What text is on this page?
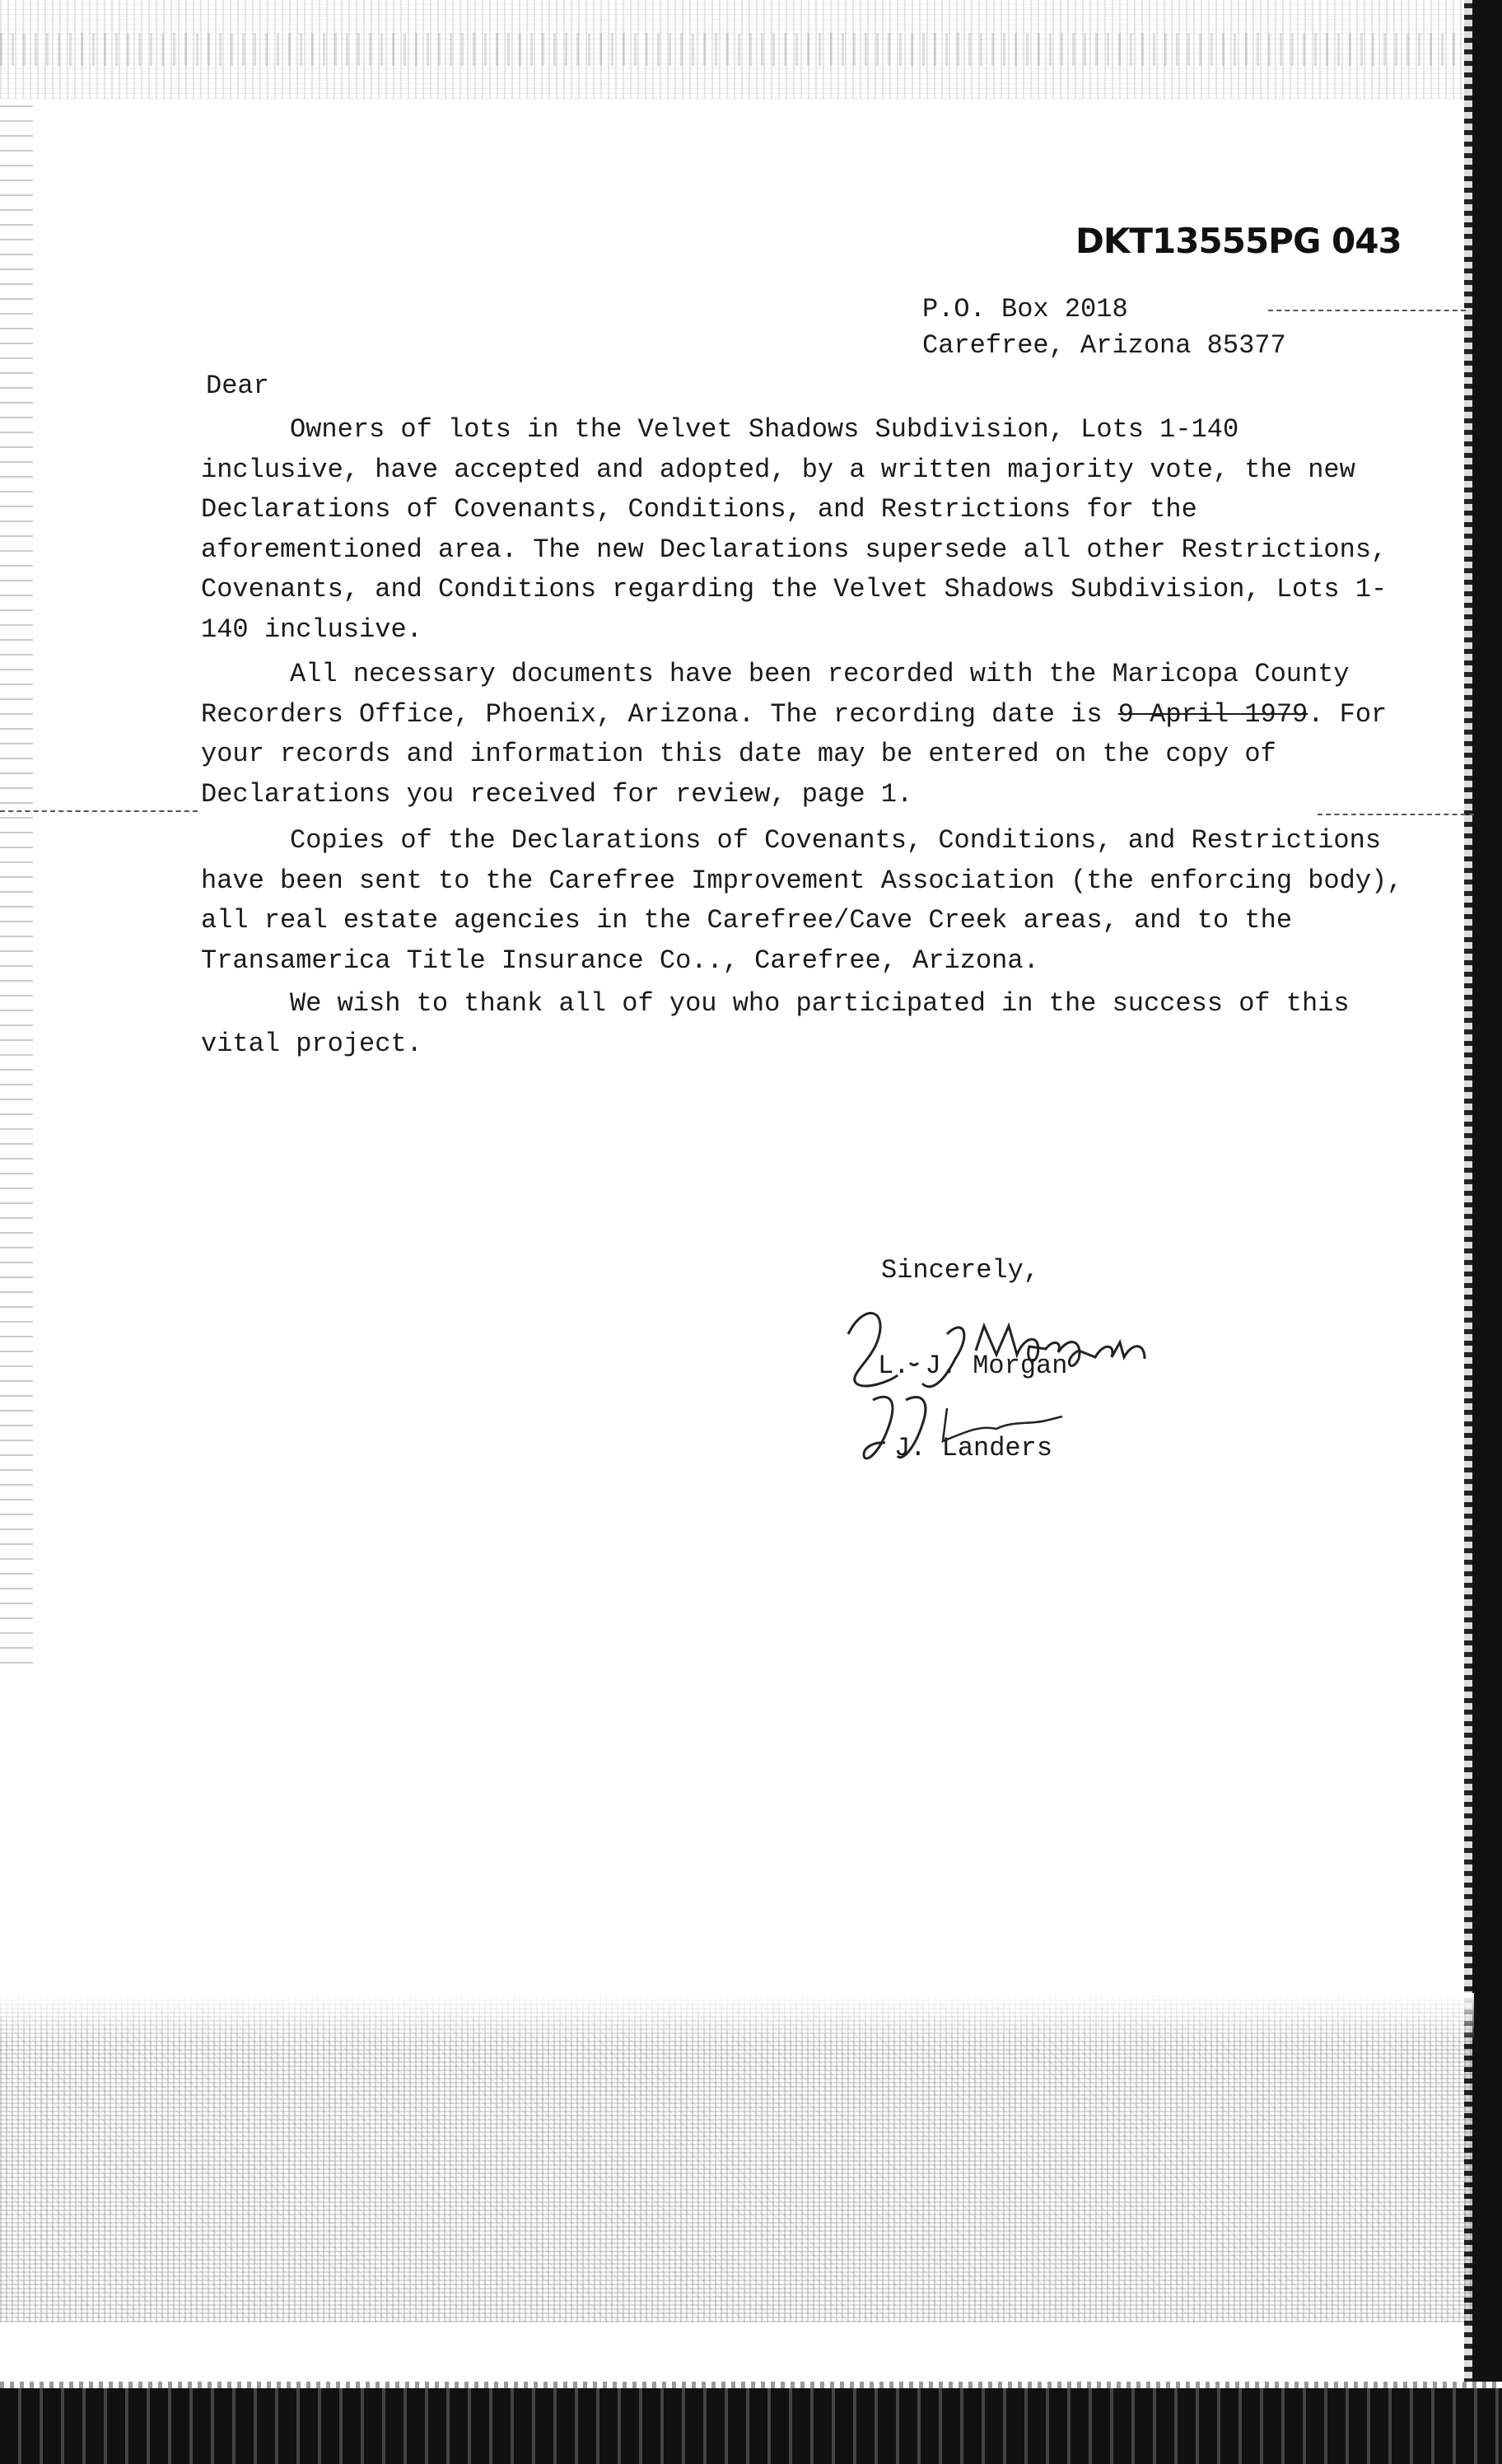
DKT13555PG 043
P.O. Box 2018
Carefree, Arizona 85377
Dear

Owners of lots in the Velvet Shadows Subdivision, Lots 1-140 inclusive, have accepted and adopted, by a written majority vote, the new Declarations of Covenants, Conditions, and Restrictions for the aforementioned area. The new Declarations supersede all other Restrictions, Covenants, and Conditions regarding the Velvet Shadows Subdivision, Lots 1-140 inclusive.

All necessary documents have been recorded with the Maricopa County Recorders Office, Phoenix, Arizona. The recording date is 9 April 1979. For your records and information this date may be entered on the copy of Declarations you received for review, page 1.

Copies of the Declarations of Covenants, Conditions, and Restrictions have been sent to the Carefree Improvement Association (the enforcing body), all real estate agencies in the Carefree/Cave Creek areas, and to the Transamerica Title Insurance Co.., Carefree, Arizona.

We wish to thank all of you who participated in the success of this vital project.

Sincerely,
L. J. Morgan
J. Landers
